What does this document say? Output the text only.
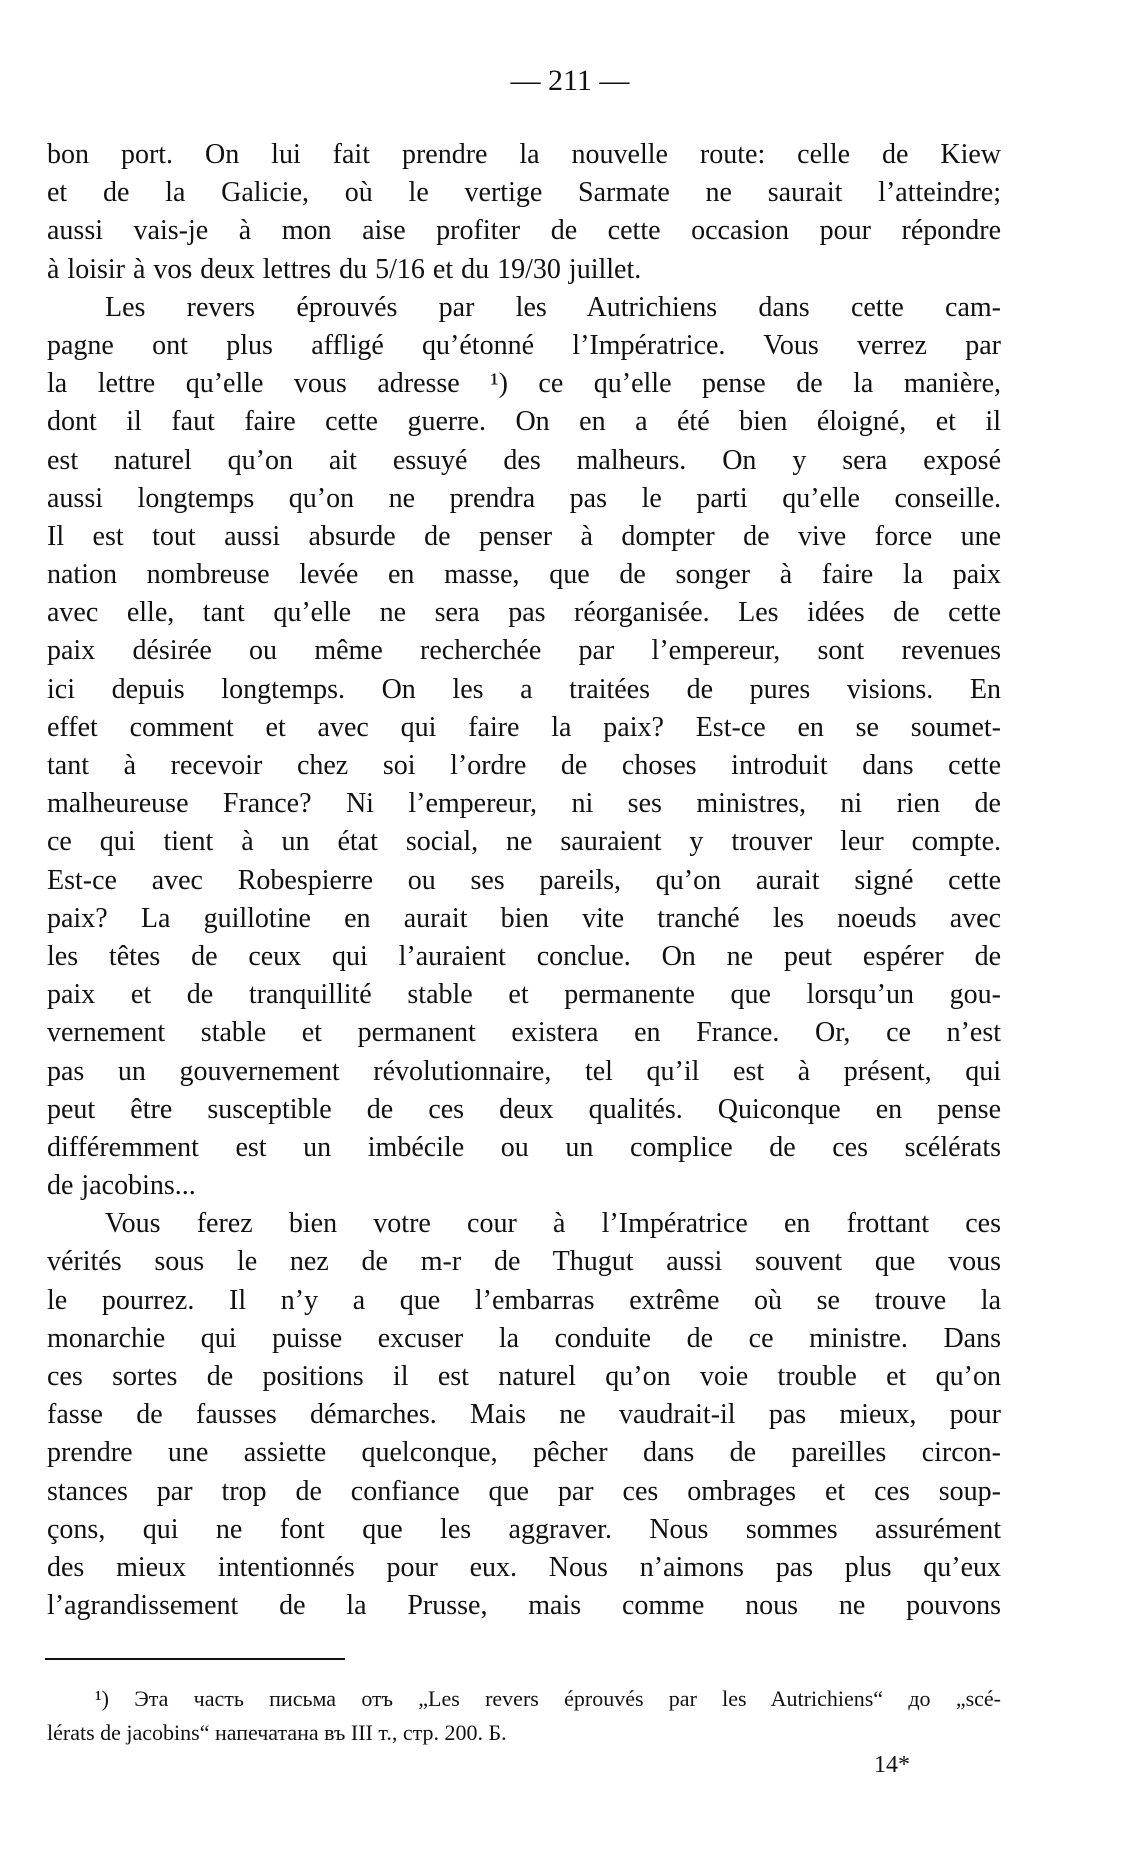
— 211 —
bon port. On lui fait prendre la nouvelle route: celle de Kiew
et de la Galicie, où le vertige Sarmate ne saurait l’atteindre;
aussi vais-je à mon aise profiter de cette occasion pour répondre
à loisir à vos deux lettres du 5/16 et du 19/30 juillet.
Les revers éprouvés par les Autrichiens dans cette cam-
pagne ont plus affligé qu’étonné l’Impératrice. Vous verrez par
la lettre qu’elle vous adresse ¹) ce qu’elle pense de la manière,
dont il faut faire cette guerre. On en a été bien éloigné, et il
est naturel qu’on ait essuyé des malheurs. On y sera exposé
aussi longtemps qu’on ne prendra pas le parti qu’elle conseille.
Il est tout aussi absurde de penser à dompter de vive force une
nation nombreuse levée en masse, que de songer à faire la paix
avec elle, tant qu’elle ne sera pas réorganisée. Les idées de cette
paix désirée ou même recherchée par l’empereur, sont revenues
ici depuis longtemps. On les a traitées de pures visions. En
effet comment et avec qui faire la paix? Est-ce en se soumet-
tant à recevoir chez soi l’ordre de choses introduit dans cette
malheureuse France? Ni l’empereur, ni ses ministres, ni rien de
ce qui tient à un état social, ne sauraient y trouver leur compte.
Est-ce avec Robespierre ou ses pareils, qu’on aurait signé cette
paix? La guillotine en aurait bien vite tranché les noeuds avec
les têtes de ceux qui l’auraient conclue. On ne peut espérer de
paix et de tranquillité stable et permanente que lorsqu’un gou-
vernement stable et permanent existera en France. Or, ce n’est
pas un gouvernement révolutionnaire, tel qu’il est à présent, qui
peut être susceptible de ces deux qualités. Quiconque en pense
différemment est un imbécile ou un complice de ces scélérats
de jacobins...
Vous ferez bien votre cour à l’Impératrice en frottant ces
vérités sous le nez de m-r de Thugut aussi souvent que vous
le pourrez. Il n’y a que l’embarras extrême où se trouve la
monarchie qui puisse excuser la conduite de ce ministre. Dans
ces sortes de positions il est naturel qu’on voie trouble et qu’on
fasse de fausses démarches. Mais ne vaudrait-il pas mieux, pour
prendre une assiette quelconque, pêcher dans de pareilles circon-
stances par trop de confiance que par ces ombrages et ces soup-
çons, qui ne font que les aggraver. Nous sommes assurément
des mieux intentionnés pour eux. Nous n’aimons pas plus qu’eux
l’agrandissement de la Prusse, mais comme nous ne pouvons
¹) Эта часть письма отъ „Les revers éprouvés par les Autrichiens“ до „scé-
lérats de jacobins“ напечатана въ III т., стр. 200. Б.
14*
